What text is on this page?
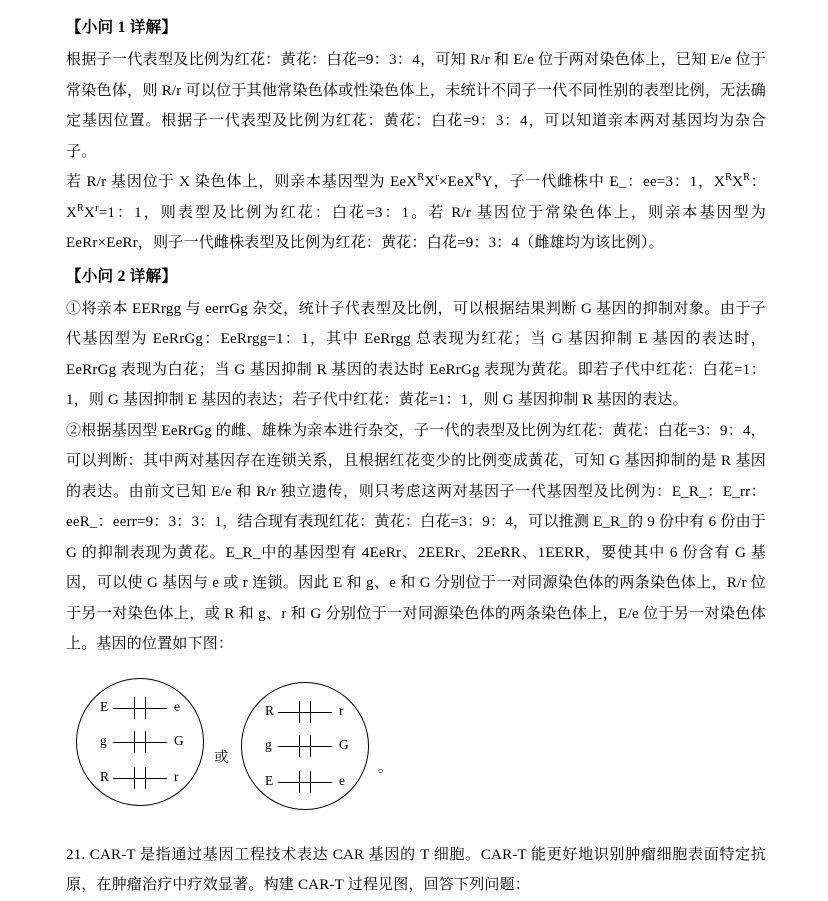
【小问 1 详解】
根据子一代表型及比例为红花：黄花：白花=9：3：4，可知 R/r 和 E/e 位于两对染色体上，已知 E/e 位于常染色体，则 R/r 可以位于其他常染色体或性染色体上，未统计不同子一代不同性别的表型比例，无法确定基因位置。根据子一代表型及比例为红花：黄花：白花=9：3：4，可以知道亲本两对基因均为杂合子。
若 R/r 基因位于 X 染色体上，则亲本基因型为 $EeX^RX^r\times EeX^RY$，子一代雌株中 E_：ee=3：1，$X^RX^R$：$X^RX^r=1$：1，则表型及比例为红花：白花=3：1。若 R/r 基因位于常染色体上，则亲本基因型为 EeRr×EeRr，则子一代雌株表型及比例为红花：黄花：白花=9：3：4（雌雄均为该比例）。
【小问 2 详解】
①将亲本 EERrgg 与 eerrGg 杂交，统计子代表型及比例，可以根据结果判断 G 基因的抑制对象。由于子代基因型为 EeRrGg：EeRrgg=1：1，其中 EeRrgg 总表现为红花；当 G 基因抑制 E 基因的表达时，EeRrGg 表现为白花；当 G 基因抑制 R 基因的表达时 EeRrGg 表现为黄花。即若子代中红花：白花=1：1，则 G 基因抑制 E 基因的表达；若子代中红花：黄花=1：1，则 G 基因抑制 R 基因的表达。
②根据基因型 EeRrGg 的雌、雄株为亲本进行杂交，子一代的表型及比例为红花：黄花：白花=3：9：4，可以判断：其中两对基因存在连锁关系，且根据红花变少的比例变成黄花，可知 G 基因抑制的是 R 基因的表达。由前文已知 E/e 和 R/r 独立遗传，则只考虑这两对基因子一代基因型及比例为：E_R_：E_rr：eeR_：eerr=9：3：3：1，结合现有表现红花：黄花：白花=3：9：4，可以推测 E_R_的 9 份中有 6 份由于 G 的抑制表现为黄花。E_R_中的基因型有 4EeRr、2EERr、2EeRR、1EERR，要使其中 6 份含有 G 基因，可以使 G 基因与 e 或 r 连锁。因此 E 和 g、e 和 G 分别位于一对同源染色体的两条染色体上，R/r 位于另一对染色体上，或 R 和 g、r 和 G 分别位于一对同源染色体的两条染色体上，E/e 位于另一对染色体上。基因的位置如下图：
E	e
g	G
R	r
或
R	r
g	G
E	e
。
21. CAR-T 是指通过基因工程技术表达 CAR 基因的 T 细胞。CAR-T 能更好地识别肿瘤细胞表面特定抗原，在肿瘤治疗中疗效显著。构建 CAR-T 过程见图，回答下列问题：
